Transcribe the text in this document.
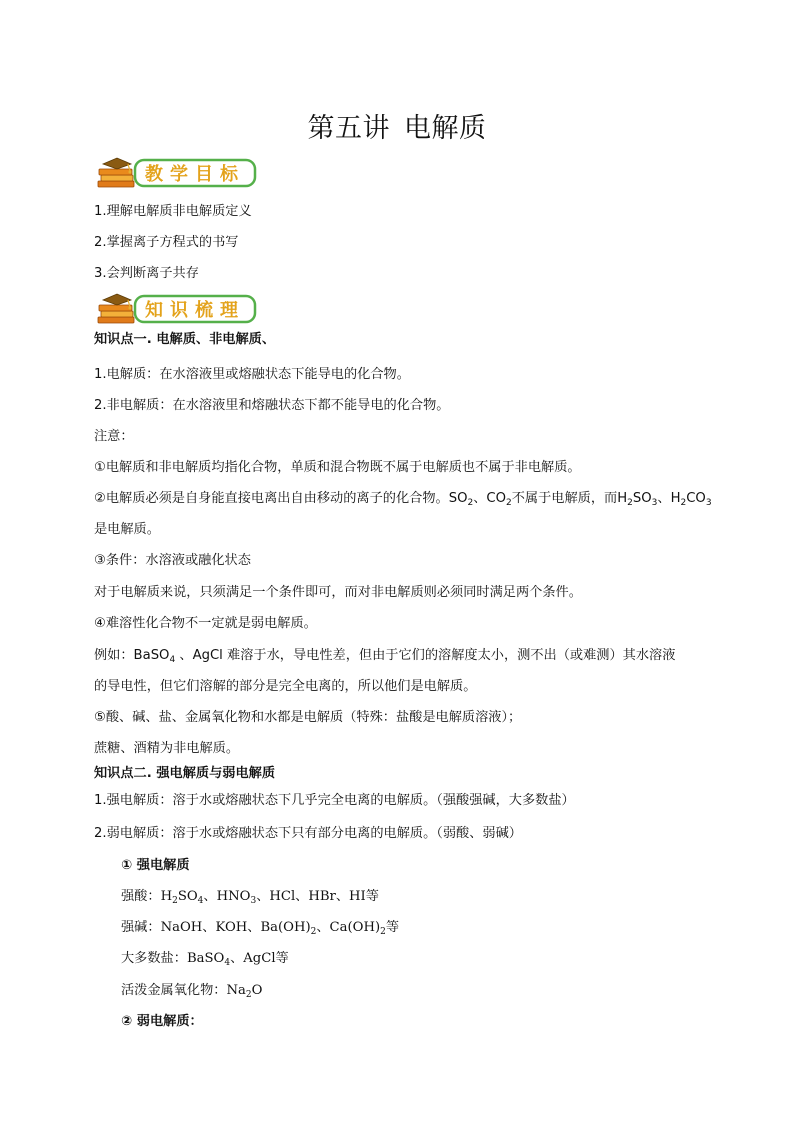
第五讲 电解质
教学目标
1.理解电解质非电解质定义
2.掌握离子方程式的书写
3.会判断离子共存
知识梳理
知识点一. 电解质、非电解质、
1.电解质：在水溶液里或熔融状态下能导电的化合物。
2.非电解质：在水溶液里和熔融状态下都不能导电的化合物。
注意：
①电解质和非电解质均指化合物，单质和混合物既不属于电解质也不属于非电解质。
②电解质必须是自身能直接电离出自由移动的离子的化合物。$SO_2$、$CO_2$不属于电解质，而$H_2SO_3$、$H_2CO_3$
是电解质。
③条件：水溶液或融化状态
对于电解质来说，只须满足一个条件即可，而对非电解质则必须同时满足两个条件。
④难溶性化合物不一定就是弱电解质。
例如：BaSO$_4$ 、AgCl 难溶于水，导电性差，但由于它们的溶解度太小，测不出（或难测）其水溶液
的导电性，但它们溶解的部分是完全电离的，所以他们是电解质。
⑤酸、碱、盐、金属氧化物和水都是电解质（特殊：盐酸是电解质溶液）；
蔗糖、酒精为非电解质。
知识点二. 强电解质与弱电解质
1.强电解质：溶于水或熔融状态下几乎完全电离的电解质。（强酸强碱，大多数盐）
2.弱电解质：溶于水或熔融状态下只有部分电离的电解质。（弱酸、弱碱）
① 强电解质
强酸：$H_2SO_4$、$HNO_3$、HCl、HBr、HI等
强碱：NaOH、KOH、$Ba(OH)_2$、$Ca(OH)_2$等
大多数盐：BaSO$_4$、AgCl等
活泼金属氧化物：$Na_2O$
② 弱电解质：
